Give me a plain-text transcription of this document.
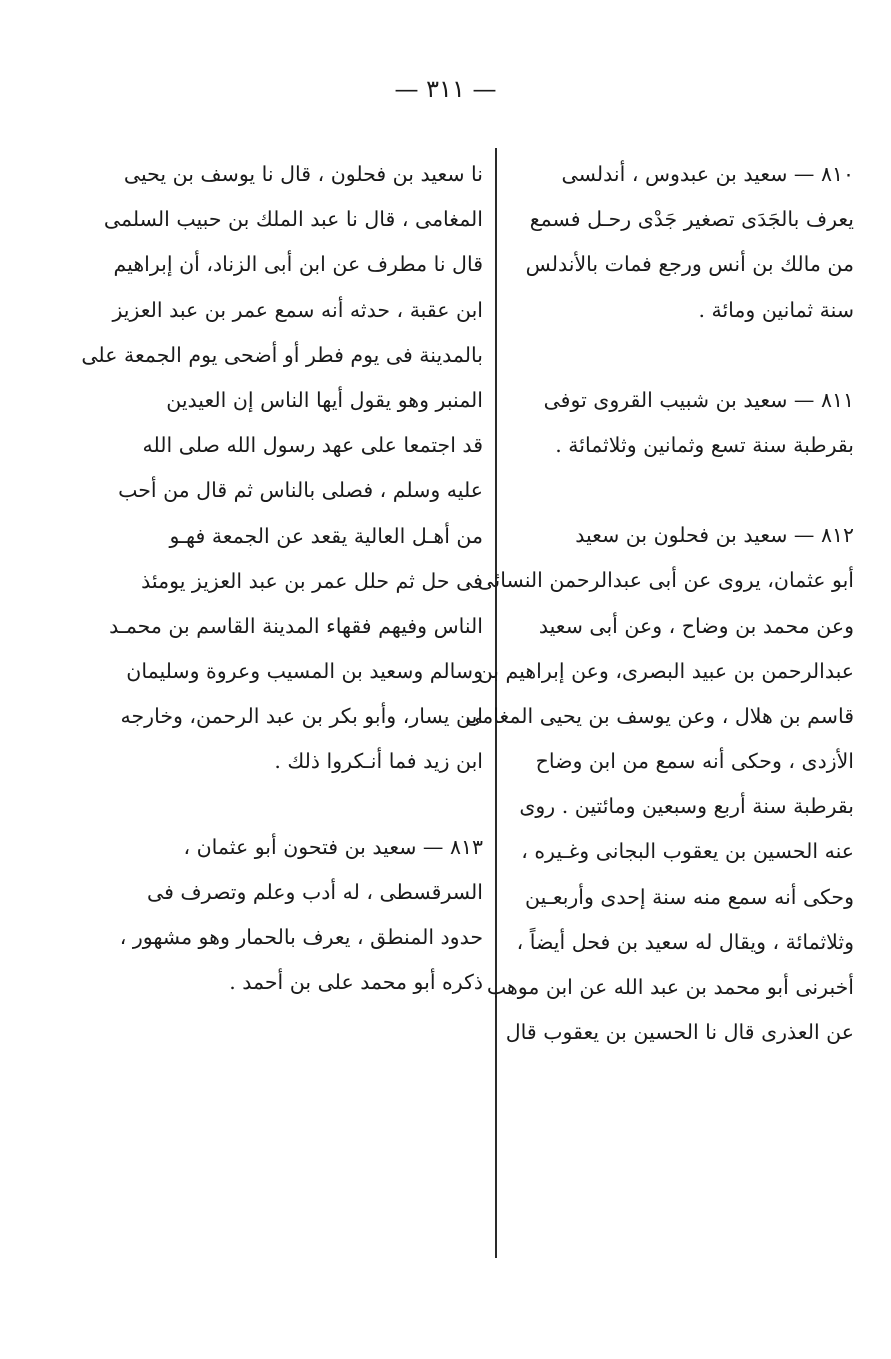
— ٣١١ —
٨١٠ — سعيد بن عبدوس ، أندلسى
يعرف بالجَدَى تصغير جَدْى رحـل فسمع
من مالك بن أنس ورجع فمات بالأندلس
سنة ثمانين ومائة .
٨١١ — سعيد بن شبيب القروى توفى
بقرطبة سنة تسع وثمانين وثلاثمائة .
٨١٢ — سعيد بن فحلون بن سعيد
أبو عثمان، يروى عن أبى عبدالرحمن النسائى ،
وعن محمد بن وضاح ، وعن أبى سعيد
عبدالرحمن بن عبيد البصرى، وعن إبراهيم بن
قاسم بن هلال ، وعن يوسف بن يحيى المغامى
الأزدى ، وحكى أنه سمع من ابن وضاح
بقرطبة سنة أربع وسبعين ومائتين . روى
عنه الحسين بن يعقوب البجانى وغـيره ،
وحكى أنه سمع منه سنة إحدى وأربعـين
وثلاثمائة ، ويقال له سعيد بن فحل أيضاً ،
أخبرنى أبو محمد بن عبد الله عن ابن موهب
عن العذرى قال نا الحسين بن يعقوب قال
نا سعيد بن فحلون ، قال نا يوسف بن يحيى
المغامى ، قال نا عبد الملك بن حبيب السلمى
قال نا مطرف عن ابن أبى الزناد، أن إبراهيم
ابن عقبة ، حدثه أنه سمع عمر بن عبد العزيز
بالمدينة فى يوم فطر أو أضحى يوم الجمعة على
المنبر وهو يقول أيها الناس إن العيدين
قد اجتمعا على عهد رسول الله صلى الله
عليه وسلم ، فصلى بالناس ثم قال من أحب
من أهـل العالية يقعد عن الجمعة فهـو
فى حل ثم حلل عمر بن عبد العزيز يومئذ
الناس وفيهم فقهاء المدينة القاسم بن محمـد
وسالم وسعيد بن المسيب وعروة وسليمان
ابن يسار، وأبو بكر بن عبد الرحمن، وخارجه
ابن زيد فما أنـكروا ذلك .
٨١٣ — سعيد بن فتحون أبو عثمان ،
السرقسطى ، له أدب وعلم وتصرف فى
حدود المنطق ، يعرف بالحمار وهو مشهور ،
ذكره أبو محمد على بن أحمد .
